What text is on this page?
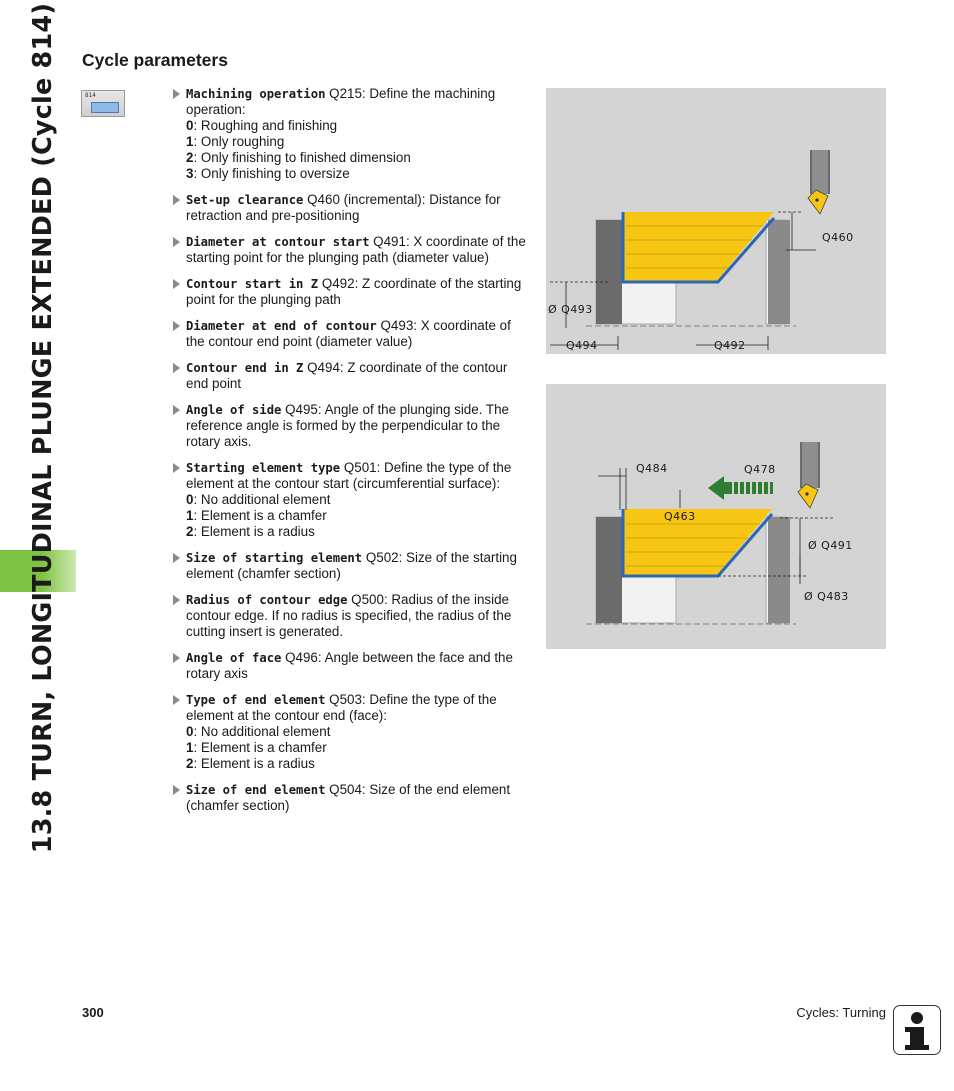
13.8 TURN, LONGITUDINAL PLUNGE EXTENDED (Cycle 814) Cycle parameters
814	Machining operation Q215: Define the machining operation:
0: Roughing and finishing
1: Only roughing
2: Only finishing to finished dimension
3: Only finishing to oversize
Set-up clearance Q460 (incremental): Distance for retraction and pre-positioning
Diameter at contour start Q491: X coordinate of the starting point for the plunging path (diameter value)
Contour start in Z Q492: Z coordinate of the starting point for the plunging path
Diameter at end of contour Q493: X coordinate of the contour end point (diameter value)
Contour end in Z Q494: Z coordinate of the contour end point
Angle of side Q495: Angle of the plunging side. The reference angle is formed by the perpendicular to the rotary axis.
Starting element type Q501: Define the type of the element at the contour start (circumferential surface):
0: No additional element
1: Element is a chamfer
2: Element is a radius
Size of starting element Q502: Size of the starting element (chamfer section)
Radius of contour edge Q500: Radius of the inside contour edge. If no radius is specified, the radius of the cutting insert is generated.
Angle of face Q496: Angle between the face and the rotary axis
Type of end element Q503: Define the type of the element at the contour end (face):
0: No additional element
1: Element is a chamfer
2: Element is a radius
Size of end element Q504: Size of the end element (chamfer section)
Q460
Ø Q493
Q494	Q492
Q484	Q478
Q463
Ø Q491
Ø Q483
300	Cycles: Turning
